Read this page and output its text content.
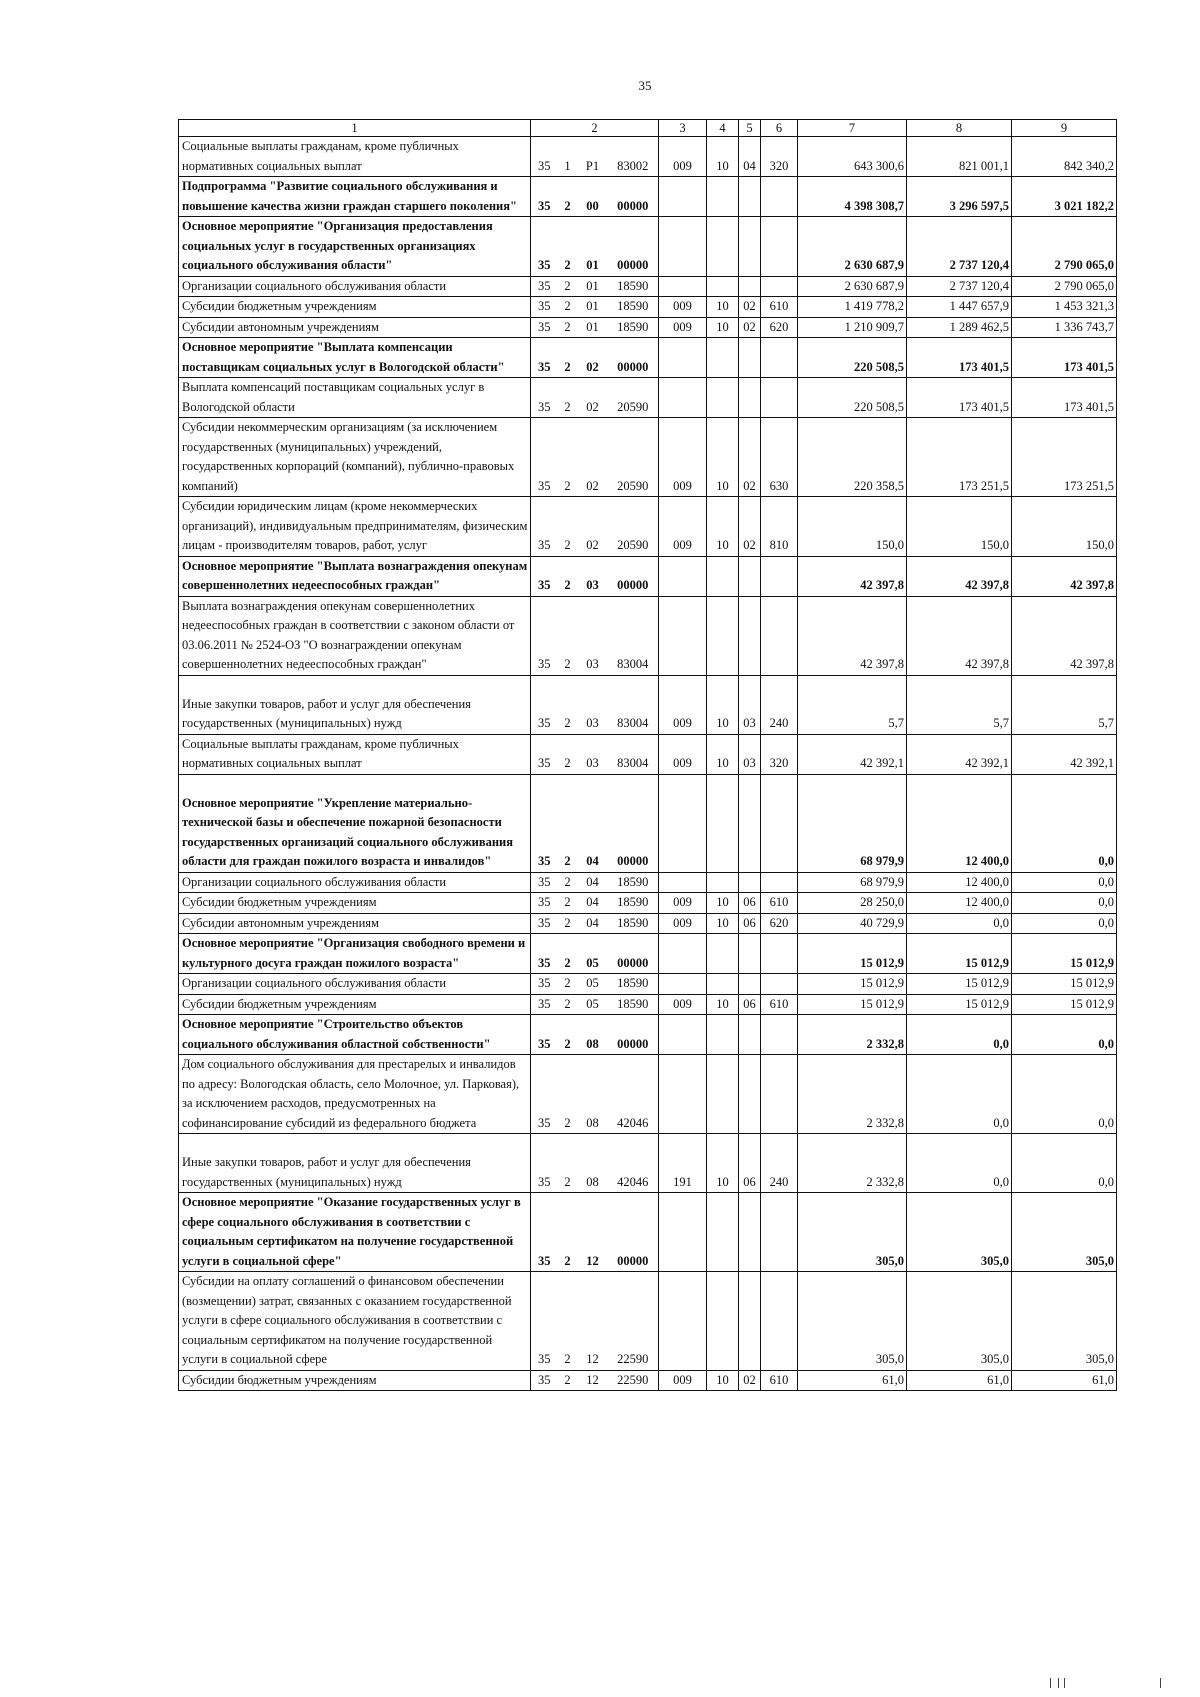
35
1	2				3	4	5	6	7	8	9
Социальные выплаты гражданам, кроме публичных нормативных социальных выплат	35	1	P1	83002	009	10	04	320	643 300,6	821 001,1	842 340,2
Подпрограмма "Развитие социального обслуживания и повышение качества жизни граждан старшего поколения"	35	2	00	00000					4 398 308,7	3 296 597,5	3 021 182,2
Основное мероприятие "Организация предоставления социальных услуг в государственных организациях социального обслуживания области"	35	2	01	00000					2 630 687,9	2 737 120,4	2 790 065,0
Организации социального обслуживания области	35	2	01	18590					2 630 687,9	2 737 120,4	2 790 065,0
Субсидии бюджетным учреждениям	35	2	01	18590	009	10	02	610	1 419 778,2	1 447 657,9	1 453 321,3
Субсидии автономным учреждениям	35	2	01	18590	009	10	02	620	1 210 909,7	1 289 462,5	1 336 743,7
Основное мероприятие "Выплата компенсации поставщикам социальных услуг в Вологодской области"	35	2	02	00000					220 508,5	173 401,5	173 401,5
Выплата компенсаций поставщикам социальных услуг в Вологодской области	35	2	02	20590					220 508,5	173 401,5	173 401,5
Субсидии некоммерческим организациям (за исключением государственных (муниципальных) учреждений, государственных корпораций (компаний), публично-правовых компаний)	35	2	02	20590	009	10	02	630	220 358,5	173 251,5	173 251,5
Субсидии юридическим лицам (кроме некоммерческих организаций), индивидуальным предпринимателям, физическим лицам - производителям товаров, работ, услуг	35	2	02	20590	009	10	02	810	150,0	150,0	150,0
Основное мероприятие "Выплата вознаграждения опекунам совершеннолетних недееспособных граждан"	35	2	03	00000					42 397,8	42 397,8	42 397,8
Выплата вознаграждения опекунам совершеннолетних недееспособных граждан в соответствии с законом области от 03.06.2011 № 2524-ОЗ "О вознаграждении опекунам совершеннолетних недееспособных граждан"	35	2	03	83004					42 397,8	42 397,8	42 397,8
Иные закупки товаров, работ и услуг для обеспечения государственных (муниципальных) нужд	35	2	03	83004	009	10	03	240	5,7	5,7	5,7
Социальные выплаты гражданам, кроме публичных нормативных социальных выплат	35	2	03	83004	009	10	03	320	42 392,1	42 392,1	42 392,1
Основное мероприятие "Укрепление материально-технической базы и обеспечение пожарной безопасности государственных организаций социального обслуживания области для граждан пожилого возраста и инвалидов"	35	2	04	00000					68 979,9	12 400,0	0,0
Организации социального обслуживания области	35	2	04	18590					68 979,9	12 400,0	0,0
Субсидии бюджетным учреждениям	35	2	04	18590	009	10	06	610	28 250,0	12 400,0	0,0
Субсидии автономным учреждениям	35	2	04	18590	009	10	06	620	40 729,9	0,0	0,0
Основное мероприятие "Организация свободного времени и культурного досуга граждан пожилого возраста"	35	2	05	00000					15 012,9	15 012,9	15 012,9
Организации социального обслуживания области	35	2	05	18590					15 012,9	15 012,9	15 012,9
Субсидии бюджетным учреждениям	35	2	05	18590	009	10	06	610	15 012,9	15 012,9	15 012,9
Основное мероприятие "Строительство объектов социального обслуживания областной собственности"	35	2	08	00000					2 332,8	0,0	0,0
Дом социального обслуживания для престарелых и инвалидов по адресу: Вологодская область, село Молочное, ул. Парковая), за исключением расходов, предусмотренных на софинансирование субсидий из федерального бюджета	35	2	08	42046					2 332,8	0,0	0,0
Иные закупки товаров, работ и услуг для обеспечения государственных (муниципальных) нужд	35	2	08	42046	191	10	06	240	2 332,8	0,0	0,0
Основное мероприятие "Оказание государственных услуг в сфере социального обслуживания в соответствии с социальным сертификатом на получение государственной услуги в социальной сфере"	35	2	12	00000					305,0	305,0	305,0
Субсидии на оплату соглашений о финансовом обеспечении (возмещении) затрат, связанных с оказанием государственной услуги в сфере социального обслуживания в соответствии с социальным сертификатом на получение государственной услуги в социальной сфере	35	2	12	22590					305,0	305,0	305,0
Субсидии бюджетным учреждениям	35	2	12	22590	009	10	02	610	61,0	61,0	61,0
